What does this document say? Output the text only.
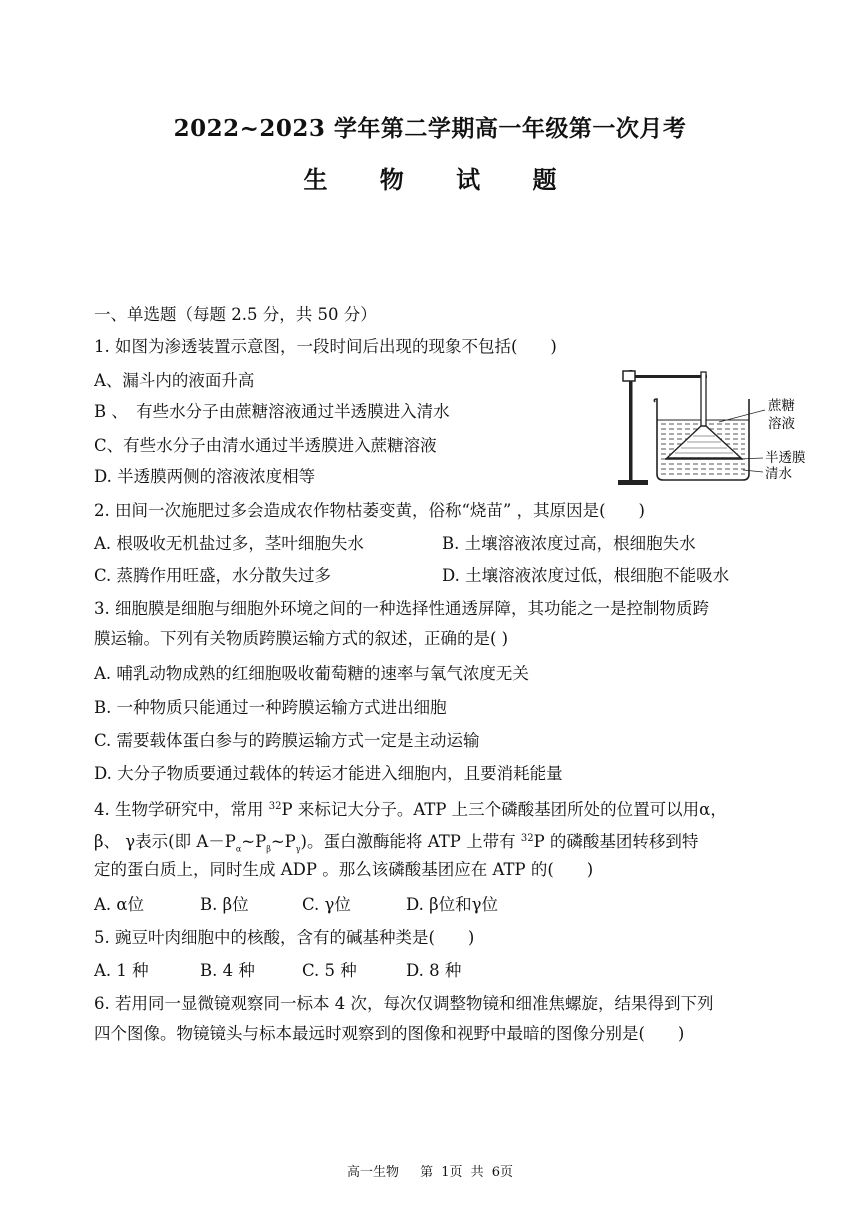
2022~2023 学年第二学期高一年级第一次月考
生 物 试 题
一、单选题（每题 2.5 分，共 50 分）
1. 如图为渗透装置示意图，一段时间后出现的现象不包括(　　)
A、漏斗内的液面升高
B 、　有些水分子由蔗糖溶液通过半透膜进入清水
C、有些水分子由清水通过半透膜进入蔗糖溶液
D. 半透膜两侧的溶液浓度相等
蔗糖
溶液
半透膜
清水
2. 田间一次施肥过多会造成农作物枯萎变黄，俗称“烧苗” ，其原因是(　　)
A. 根吸收无机盐过多，茎叶细胞失水	B. 土壤溶液浓度过高，根细胞失水
C. 蒸腾作用旺盛，水分散失过多	D. 土壤溶液浓度过低，根细胞不能吸水
3. 细胞膜是细胞与细胞外环境之间的一种选择性通透屏障，其功能之一是控制物质跨
膜运输。下列有关物质跨膜运输方式的叙述，正确的是( )
A. 哺乳动物成熟的红细胞吸收葡萄糖的速率与氧气浓度无关
B. 一种物质只能通过一种跨膜运输方式进出细胞
C. 需要载体蛋白参与的跨膜运输方式一定是主动运输
D. 大分子物质要通过载体的转运才能进入细胞内，且要消耗能量
4. 生物学研究中，常用 $^{32}$P 来标记大分子。ATP 上三个磷酸基团所处的位置可以用α，
β、 γ表示(即 $A-P_\alpha\sim P_\beta\sim P_\gamma$)。蛋白激酶能将 ATP 上带有 $^{32}$P 的磷酸基团转移到特
定的蛋白质上，同时生成 ADP 。那么该磷酸基团应在 ATP 的(　　)
A. α位	B. β位	C. γ位	D. β位和γ位
5. 豌豆叶肉细胞中的核酸，含有的碱基种类是(　　)
A. 1 种	B. 4 种	C. 5 种	D. 8 种
6. 若用同一显微镜观察同一标本 4 次，每次仅调整物镜和细准焦螺旋，结果得到下列
四个图像。物镜镜头与标本最远时观察到的图像和视野中最暗的图像分别是(　　)
高一生物　 第 1页 共 6页
